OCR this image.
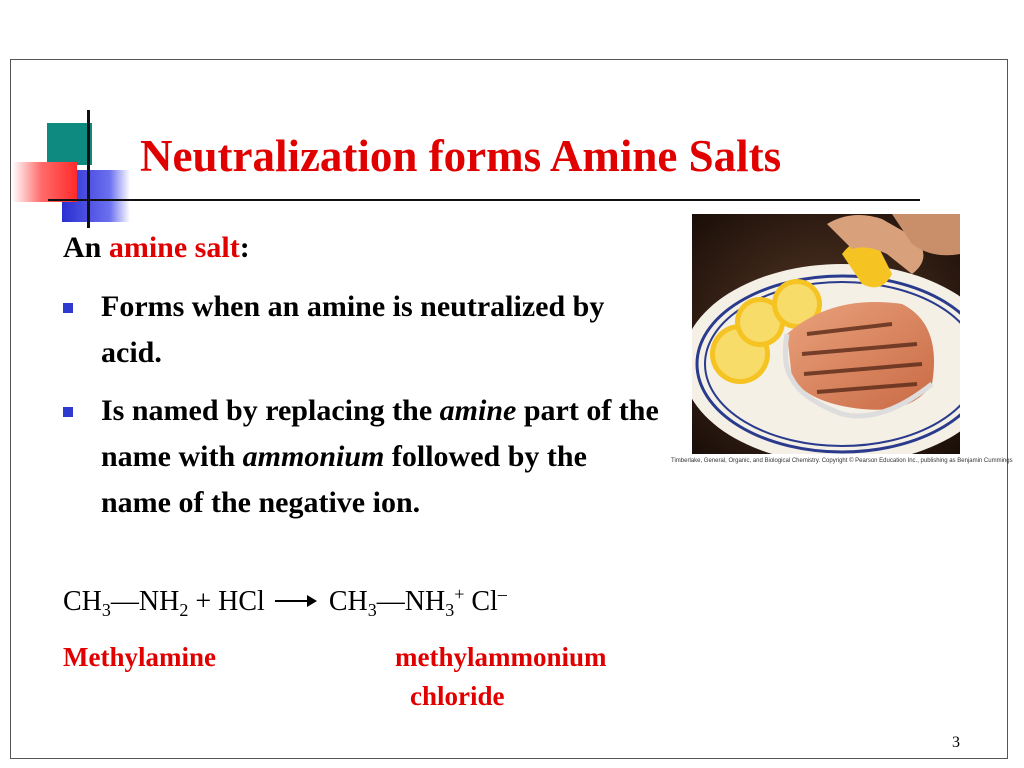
Neutralization forms Amine Salts
An amine salt:
Forms when an amine is neutralized by acid.
Is named by replacing the amine part of the name with ammonium followed by the name of the negative ion.
$CH_3—NH_2$ + HCl → $CH_3—NH_3^+$ Cl–
Methylamine	methylammonium
chloride
Timberlake, General, Organic, and Biological Chemistry. Copyright © Pearson Education Inc., publishing as Benjamin Cummings
3
